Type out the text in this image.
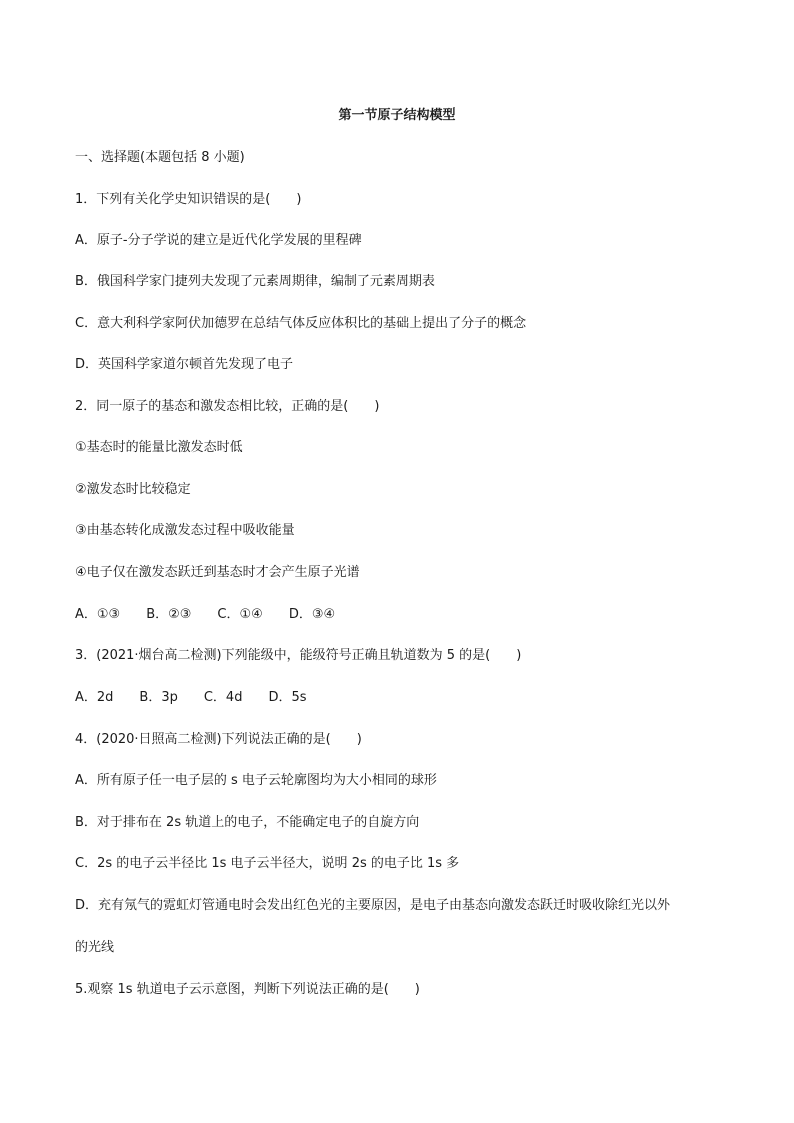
第一节原子结构模型
一、选择题(本题包括 8 小题)
1．下列有关化学史知识错误的是(　　)
A．原子-分子学说的建立是近代化学发展的里程碑
B．俄国科学家门捷列夫发现了元素周期律，编制了元素周期表
C．意大利科学家阿伏加德罗在总结气体反应体积比的基础上提出了分子的概念
D．英国科学家道尔顿首先发现了电子
2．同一原子的基态和激发态相比较，正确的是(　　)
①基态时的能量比激发态时低
②激发态时比较稳定
③由基态转化成激发态过程中吸收能量
④电子仅在激发态跃迁到基态时才会产生原子光谱
A．①③　　B．②③　　C．①④　　D．③④
3．(2021·烟台高二检测)下列能级中，能级符号正确且轨道数为 5 的是(　　)
A．2d　　B．3p　　C．4d　　D．5s
4．(2020·日照高二检测)下列说法正确的是(　　)
A．所有原子任一电子层的 s 电子云轮廓图均为大小相同的球形
B．对于排布在 2s 轨道上的电子，不能确定电子的自旋方向
C．2s 的电子云半径比 1s 电子云半径大，说明 2s 的电子比 1s 多
D．充有氖气的霓虹灯管通电时会发出红色光的主要原因，是电子由基态向激发态跃迁时吸收除红光以外
的光线
5.观察 1s 轨道电子云示意图，判断下列说法正确的是(　　)
